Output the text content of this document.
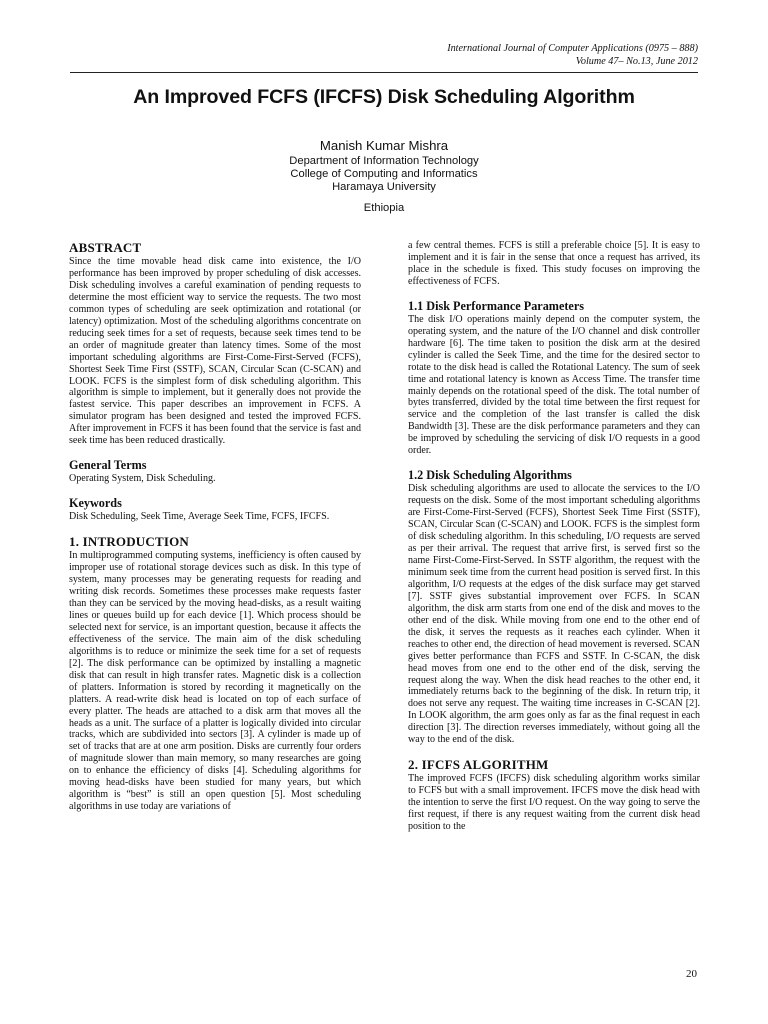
International Journal of Computer Applications (0975 – 888)
Volume 47– No.13, June 2012
An Improved FCFS (IFCFS) Disk Scheduling Algorithm
Manish Kumar Mishra
Department of Information Technology
College of Computing and Informatics
Haramaya University
Ethiopia
ABSTRACT

Since the time movable head disk came into existence, the I/O performance has been improved by proper scheduling of disk accesses. Disk scheduling involves a careful examination of pending requests to determine the most efficient way to service the requests. The two most common types of scheduling are seek optimization and rotational (or latency) optimization. Most of the scheduling algorithms concentrate on reducing seek times for a set of requests, because seek times tend to be an order of magnitude greater than latency times. Some of the most important scheduling algorithms are First-Come-First-Served (FCFS), Shortest Seek Time First (SSTF), SCAN, Circular Scan (C-SCAN) and LOOK. FCFS is the simplest form of disk scheduling algorithm. This algorithm is simple to implement, but it generally does not provide the fastest service. This paper describes an improvement in FCFS. A simulator program has been designed and tested the improved FCFS. After improvement in FCFS it has been found that the service is fast and seek time has been reduced drastically.

General Terms

Operating System, Disk Scheduling.

Keywords

Disk Scheduling, Seek Time, Average Seek Time, FCFS, IFCFS.

1. INTRODUCTION

In multiprogrammed computing systems, inefficiency is often caused by improper use of rotational storage devices such as disk. In this type of system, many processes may be generating requests for reading and writing disk records. Sometimes these processes make requests faster than they can be serviced by the moving head-disks, as a result waiting lines or queues build up for each device [1]. Which process should be selected next for service, is an important question, because it affects the effectiveness of the service. The main aim of the disk scheduling algorithms is to reduce or minimize the seek time for a set of requests [2]. The disk performance can be optimized by installing a magnetic disk that can result in high transfer rates. Magnetic disk is a collection of platters. Information is stored by recording it magnetically on the platters. A read-write disk head is located on top of each surface of every platter. The heads are attached to a disk arm that moves all the heads as a unit. The surface of a platter is logically divided into circular tracks, which are subdivided into sectors [3]. A cylinder is made up of set of tracks that are at one arm position. Disks are currently four orders of magnitude slower than main memory, so many researches are going on to enhance the efficiency of disks [4]. Scheduling algorithms for moving head-disks have been studied for many years, but which algorithm is “best” is still an open question [5]. Most scheduling algorithms in use today are variations of

a few central themes. FCFS is still a preferable choice [5]. It is easy to implement and it is fair in the sense that once a request has arrived, its place in the schedule is fixed. This study focuses on improving the effectiveness of FCFS.

1.1 Disk Performance Parameters

The disk I/O operations mainly depend on the computer system, the operating system, and the nature of the I/O channel and disk controller hardware [6]. The time taken to position the disk arm at the desired cylinder is called the Seek Time, and the time for the desired sector to rotate to the disk head is called the Rotational Latency. The sum of seek time and rotational latency is known as Access Time. The transfer time mainly depends on the rotational speed of the disk. The total number of bytes transferred, divided by the total time between the first request for service and the completion of the last transfer is called the disk Bandwidth [3]. These are the disk performance parameters and they can be improved by scheduling the servicing of disk I/O requests in a good order.

1.2 Disk Scheduling Algorithms

Disk scheduling algorithms are used to allocate the services to the I/O requests on the disk. Some of the most important scheduling algorithms are First-Come-First-Served (FCFS), Shortest Seek Time First (SSTF), SCAN, Circular Scan (C-SCAN) and LOOK. FCFS is the simplest form of disk scheduling algorithm. In this scheduling, I/O requests are served as per their arrival. The request that arrive first, is served first so the name First-Come-First-Served. In SSTF algorithm, the request with the minimum seek time from the current head position is served first. In this algorithm, I/O requests at the edges of the disk surface may get starved [7]. SSTF gives substantial improvement over FCFS. In SCAN algorithm, the disk arm starts from one end of the disk and moves to the other end of the disk. While moving from one end to the other end of the disk, it serves the requests as it reaches each cylinder. When it reaches to other end, the direction of head movement is reversed. SCAN gives better performance than FCFS and SSTF. In C-SCAN, the disk head moves from one end to the other end of the disk, serving the request along the way. When the disk head reaches to the other end, it immediately returns back to the beginning of the disk. In return trip, it does not serve any request. The waiting time increases in C-SCAN [2]. In LOOK algorithm, the arm goes only as far as the final request in each direction [3]. The direction reverses immediately, without going all the way to the end of the disk.

2. IFCFS ALGORITHM

The improved FCFS (IFCFS) disk scheduling algorithm works similar to FCFS but with a small improvement. IFCFS move the disk head with the intention to serve the first I/O request. On the way going to serve the first request, if there is any request waiting from the current disk head position to the

20
